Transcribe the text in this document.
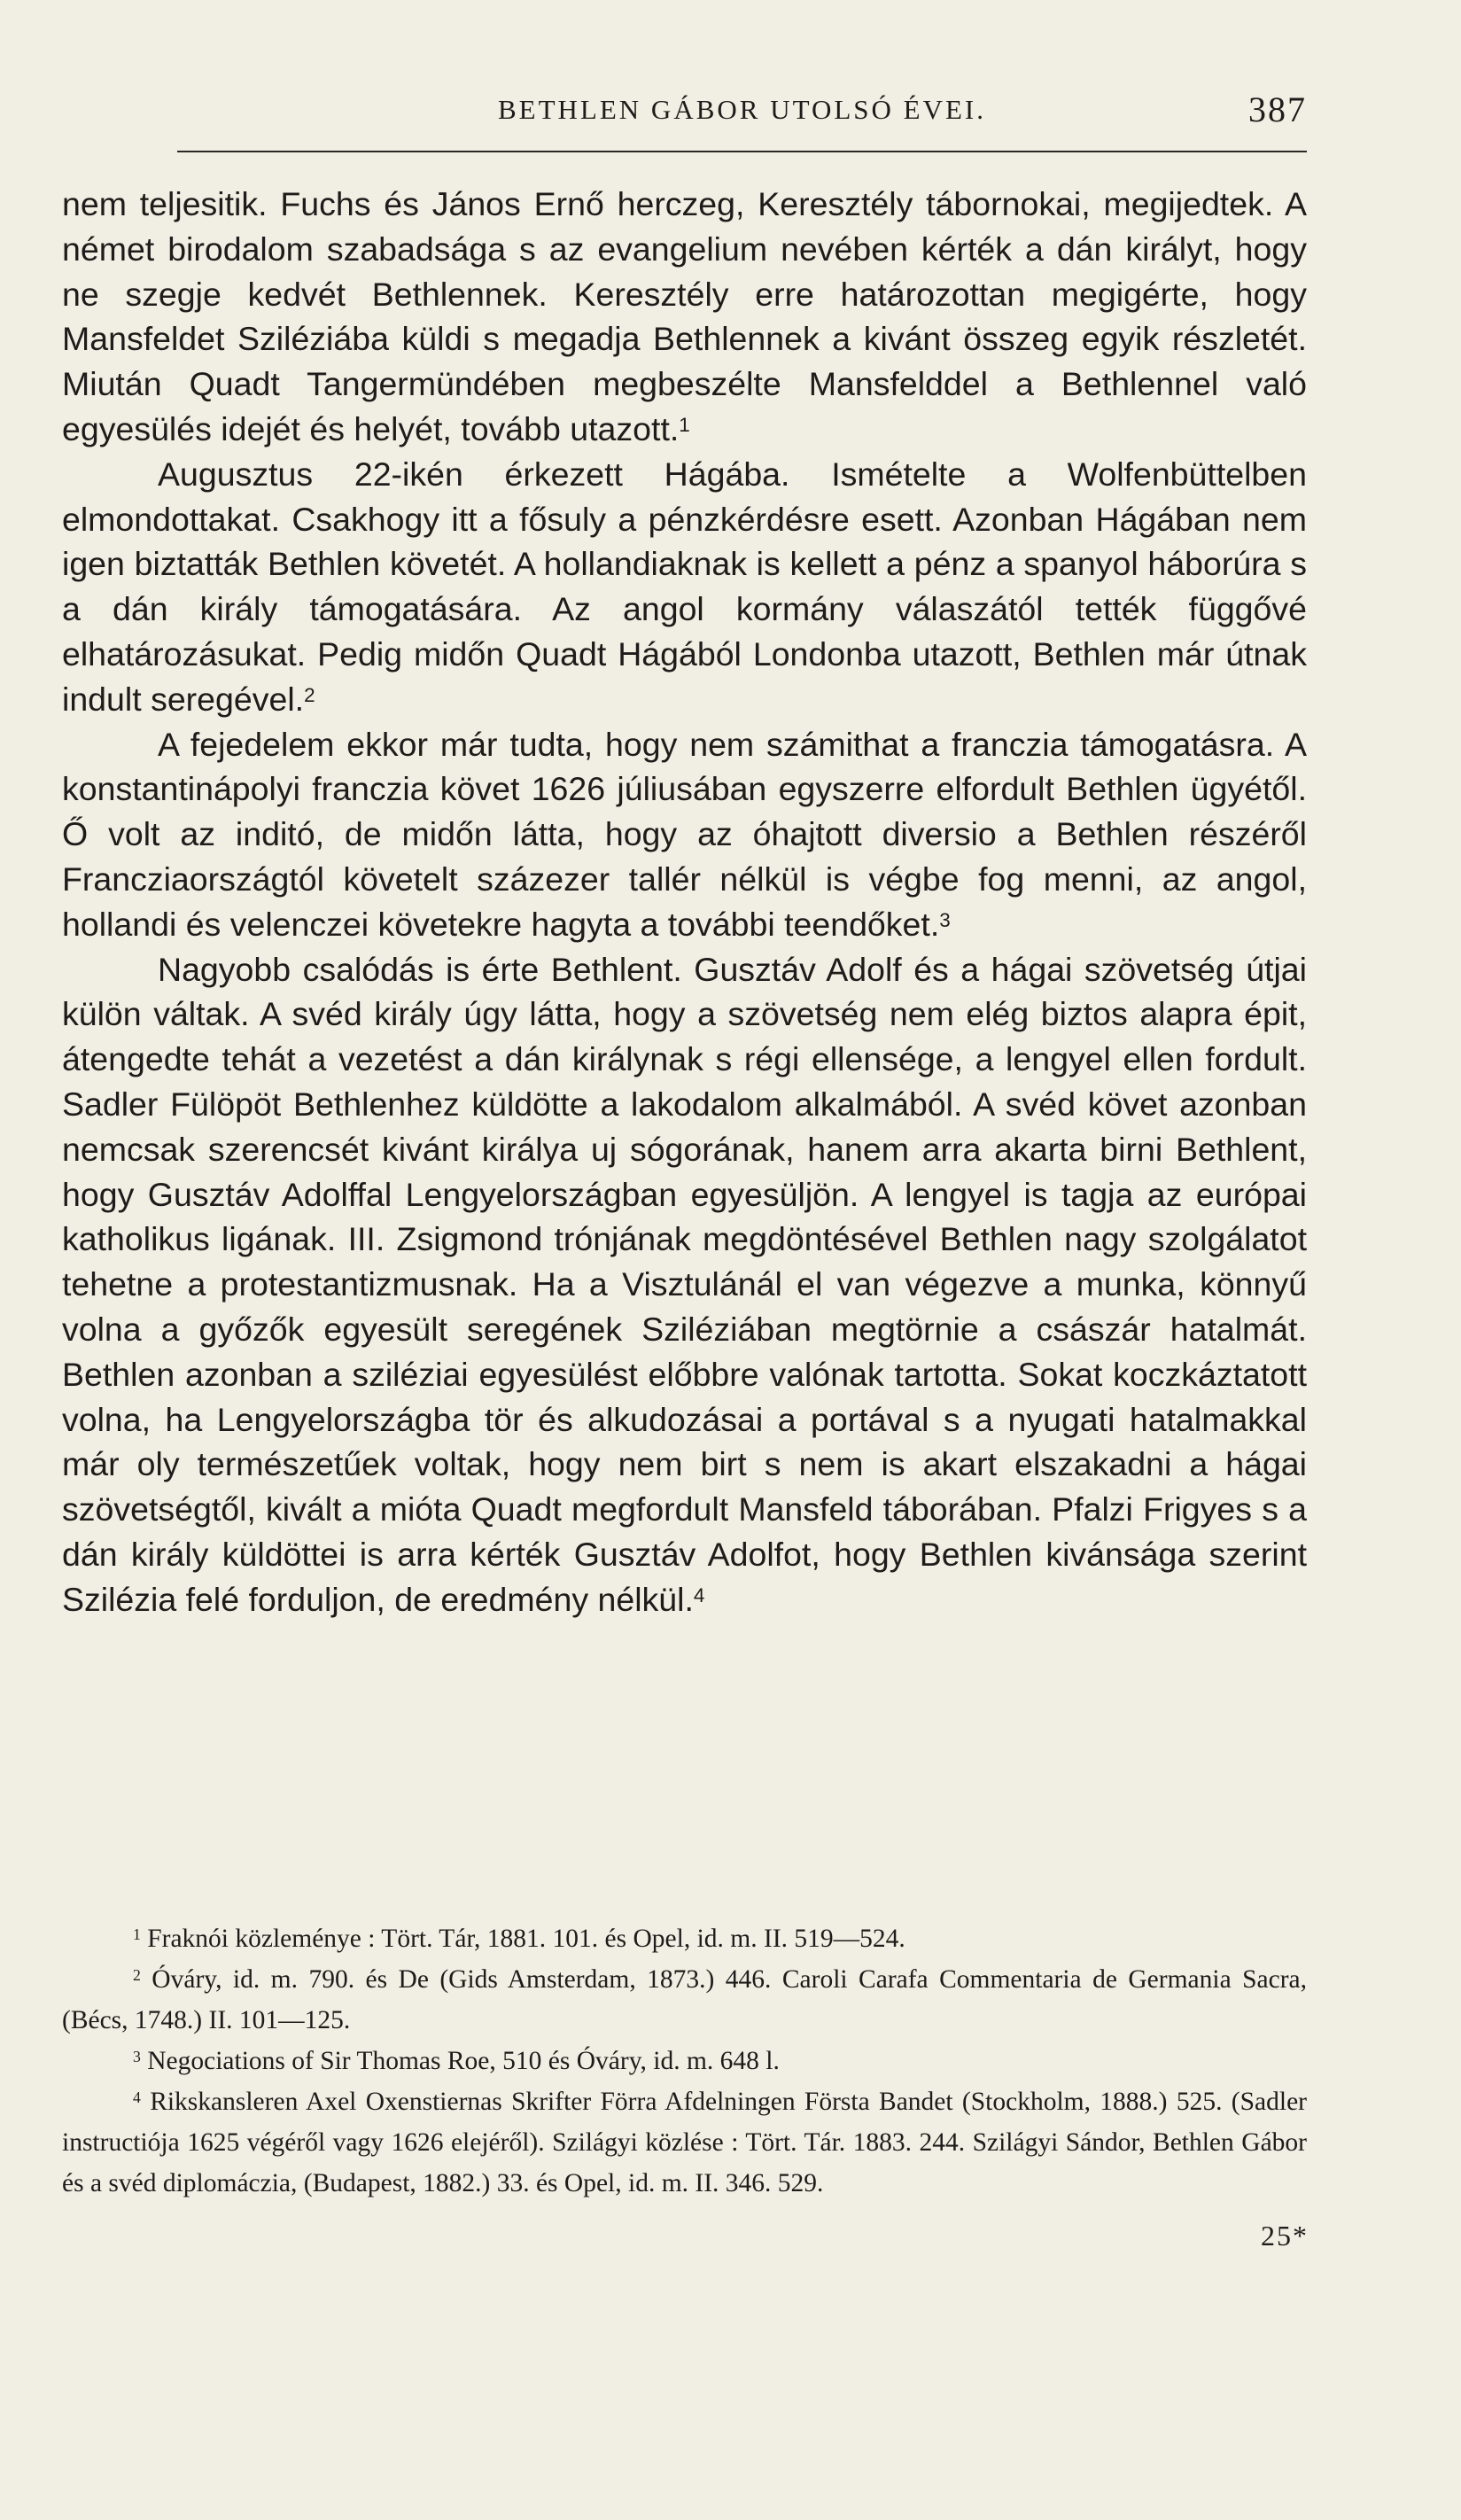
BETHLEN GÁBOR UTOLSÓ ÉVEI.	387

nem teljesitik. Fuchs és János Ernő herczeg, Keresztély tábornokai, megijedtek. A német birodalom szabadsága s az evangelium nevében kérték a dán királyt, hogy ne szegje kedvét Bethlennek. Keresztély erre határozottan megigérte, hogy Mansfeldet Sziléziába küldi s megadja Bethlennek a kivánt összeg egyik részletét. Miután Quadt Tangermündében megbeszélte Mansfelddel a Bethlennel való egyesülés idejét és helyét, tovább utazott.$^1$

Augusztus 22-ikén érkezett Hágába. Ismételte a Wolfenbüttelben elmondottakat. Csakhogy itt a fősuly a pénzkérdésre esett. Azonban Hágában nem igen biztatták Bethlen követét. A hollandiaknak is kellett a pénz a spanyol háborúra s a dán király támogatására. Az angol kormány válaszától tették függővé elhatározásukat. Pedig midőn Quadt Hágából Londonba utazott, Bethlen már útnak indult seregével.$^2$

A fejedelem ekkor már tudta, hogy nem számithat a franczia támogatásra. A konstantinápolyi franczia követ 1626 júliusában egyszerre elfordult Bethlen ügyétől. Ő volt az inditó, de midőn látta, hogy az óhajtott diversio a Bethlen részéről Francziaországtól követelt százezer tallér nélkül is végbe fog menni, az angol, hollandi és velenczei követekre hagyta a további teendőket.$^3$

Nagyobb csalódás is érte Bethlent. Gusztáv Adolf és a hágai szövetség útjai külön váltak. A svéd király úgy látta, hogy a szövetség nem elég biztos alapra épit, átengedte tehát a vezetést a dán királynak s régi ellensége, a lengyel ellen fordult. Sadler Fülöpöt Bethlenhez küldötte a lakodalom alkalmából. A svéd követ azonban nemcsak szerencsét kivánt királya uj sógorának, hanem arra akarta birni Bethlent, hogy Gusztáv Adolffal Lengyelországban egyesüljön. A lengyel is tagja az európai katholikus ligának. III. Zsigmond trónjának megdöntésével Bethlen nagy szolgálatot tehetne a protestantizmusnak. Ha a Visztulánál el van végezve a munka, könnyű volna a győzők egyesült seregének Sziléziában megtörnie a császár hatalmát. Bethlen azonban a sziléziai egyesülést előbbre valónak tartotta. Sokat koczkáztatott volna, ha Lengyelországba tör és alkudozásai a portával s a nyugati hatalmakkal már oly természetűek voltak, hogy nem birt s nem is akart elszakadni a hágai szövetségtől, kivált a mióta Quadt megfordult Mansfeld táborában. Pfalzi Frigyes s a dán király küldöttei is arra kérték Gusztáv Adolfot, hogy Bethlen kivánsága szerint Szilézia felé forduljon, de eredmény nélkül.$^4$

$^1$ Fraknói közleménye : Tört. Tár, 1881. 101. és Opel, id. m. II. 519—524.

$^2$ Óváry, id. m. 790. és De (Gids Amsterdam, 1873.) 446. Caroli Carafa Commentaria de Germania Sacra, (Bécs, 1748.) II. 101—125.

$^3$ Negociations of Sir Thomas Roe, 510 és Óváry, id. m. 648 l.

$^4$ Rikskansleren Axel Oxenstiernas Skrifter Förra Afdelningen Första Bandet (Stockholm, 1888.) 525. (Sadler instructiója 1625 végéről vagy 1626 elejéről). Szilágyi közlése : Tört. Tár. 1883. 244. Szilágyi Sándor, Bethlen Gábor és a svéd diplomáczia, (Budapest, 1882.) 33. és Opel, id. m. II. 346. 529.

25*
